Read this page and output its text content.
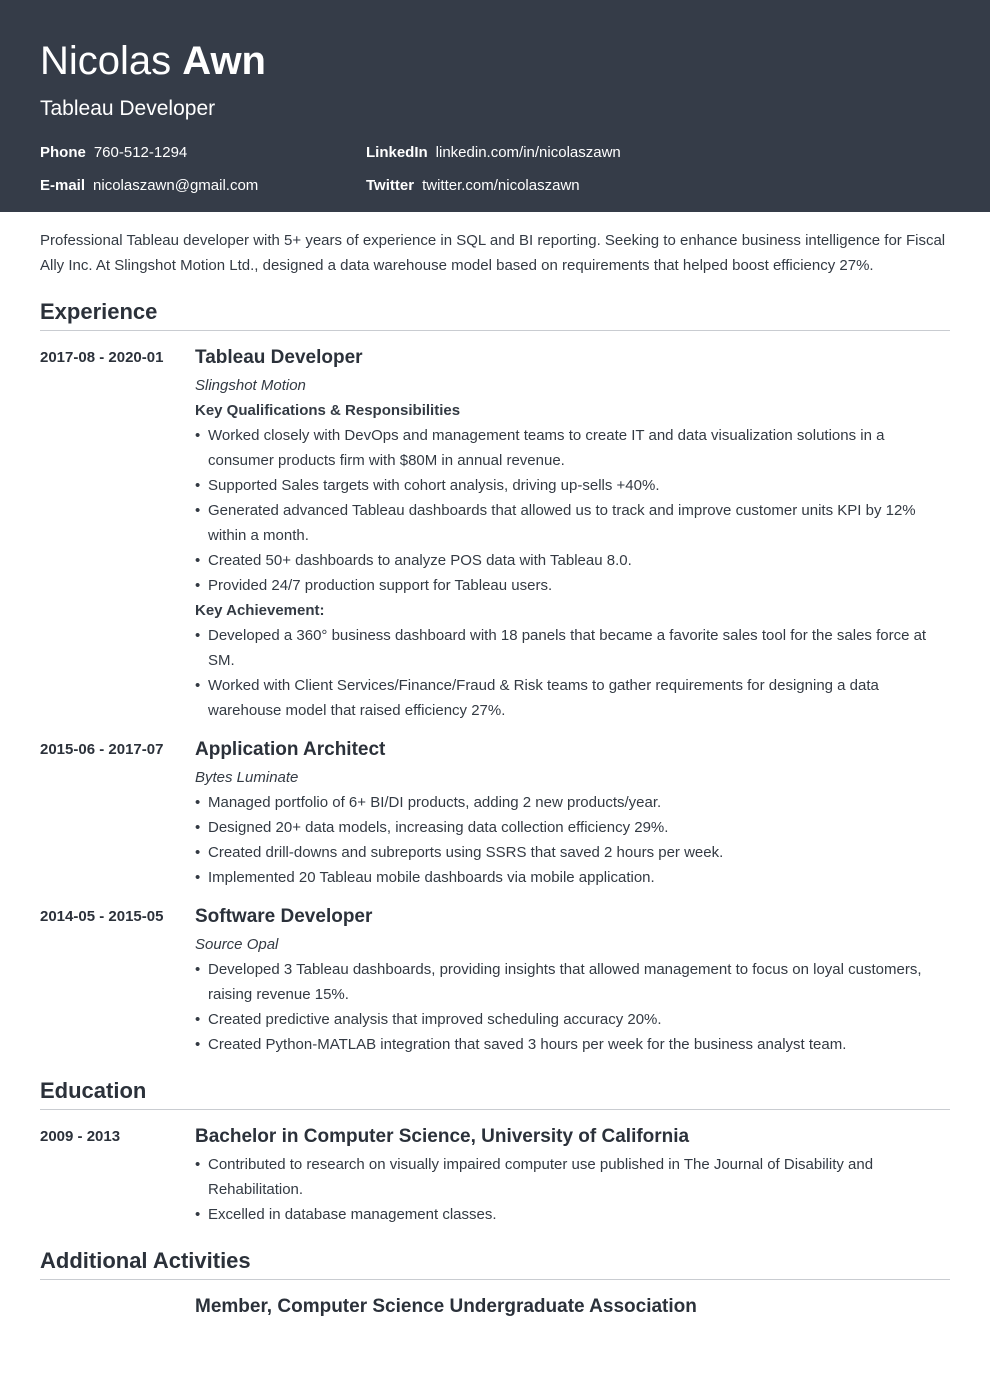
Nicolas Awn
Tableau Developer
Phone 760-512-1294
E-mail nicolaszawn@gmail.com
LinkedIn linkedin.com/in/nicolaszawn
Twitter twitter.com/nicolaszawn
Professional Tableau developer with 5+ years of experience in SQL and BI reporting. Seeking to enhance business intelligence for Fiscal Ally Inc. At Slingshot Motion Ltd., designed a data warehouse model based on requirements that helped boost efficiency 27%.
Experience
2017-08 - 2020-01	Tableau Developer
Slingshot Motion
Key Qualifications & Responsibilities
• Worked closely with DevOps and management teams to create IT and data visualization solutions in a consumer products firm with $80M in annual revenue.
• Supported Sales targets with cohort analysis, driving up-sells +40%.
• Generated advanced Tableau dashboards that allowed us to track and improve customer units KPI by 12% within a month.
• Created 50+ dashboards to analyze POS data with Tableau 8.0.
• Provided 24/7 production support for Tableau users.
Key Achievement:
• Developed a 360° business dashboard with 18 panels that became a favorite sales tool for the sales force at SM.
• Worked with Client Services/Finance/Fraud & Risk teams to gather requirements for designing a data warehouse model that raised efficiency 27%.
2015-06 - 2017-07	Application Architect
Bytes Luminate
• Managed portfolio of 6+ BI/DI products, adding 2 new products/year.
• Designed 20+ data models, increasing data collection efficiency 29%.
• Created drill-downs and subreports using SSRS that saved 2 hours per week.
• Implemented 20 Tableau mobile dashboards via mobile application.
2014-05 - 2015-05	Software Developer
Source Opal
• Developed 3 Tableau dashboards, providing insights that allowed management to focus on loyal customers, raising revenue 15%.
• Created predictive analysis that improved scheduling accuracy 20%.
• Created Python-MATLAB integration that saved 3 hours per week for the business analyst team.
Education
2009 - 2013	Bachelor in Computer Science, University of California
• Contributed to research on visually impaired computer use published in The Journal of Disability and Rehabilitation.
• Excelled in database management classes.
Additional Activities
Member, Computer Science Undergraduate Association
